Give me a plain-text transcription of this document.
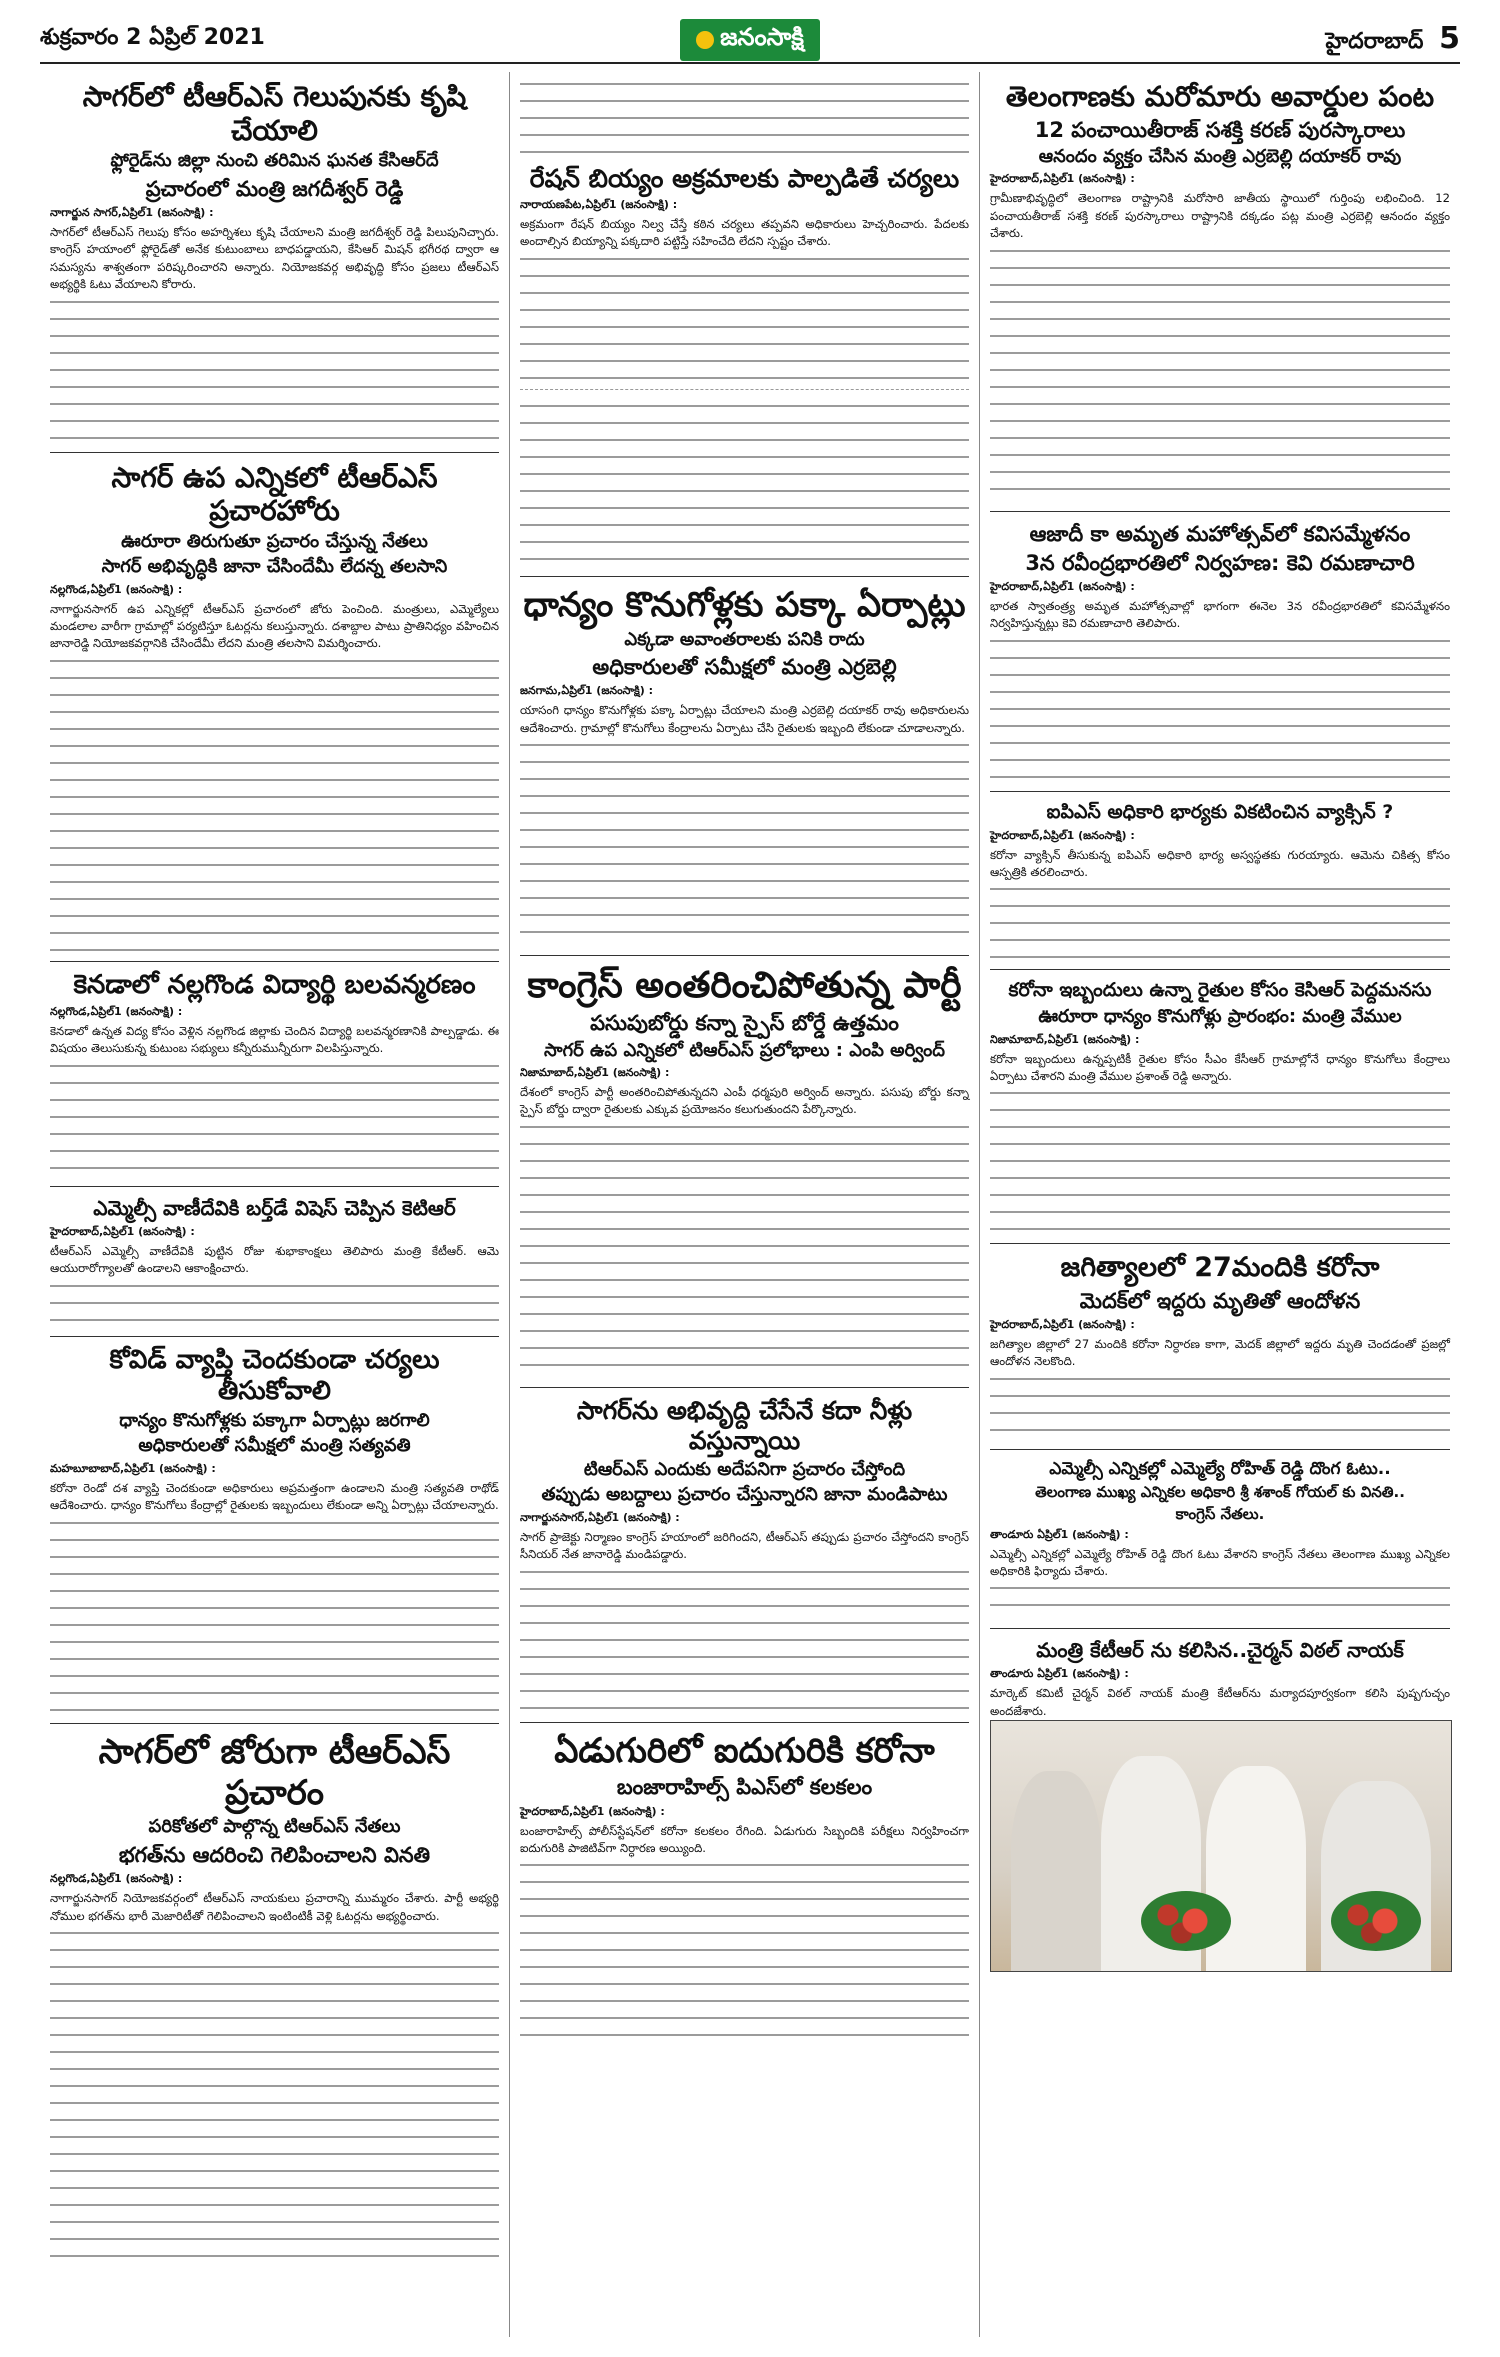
శుక్రవారం 2 ఏప్రిల్ 2021	జనంసాక్షి	హైదరాబాద్ 5
సాగర్‌లో టీఆర్‌ఎస్‌ గెలుపునకు కృషి చేయాలి
ఫ్లోరైడ్‌ను జిల్లా నుంచి తరిమిన ఘనత కేసిఆర్‌దే
ప్రచారంలో మంత్రి జగదీశ్వర్‌ రెడ్డి
నాగార్జున సాగర్‌,ఏప్రిల్‌1 (జనంసాక్షి) :
సాగర్‌లో టీఆర్‌ఎస్‌ గెలుపు కోసం అహర్నిశలు కృషి చేయాలని మంత్రి జగదీశ్వర్‌ రెడ్డి పిలుపునిచ్చారు. కాంగ్రెస్‌ హయాంలో ఫ్లోరైడ్‌తో అనేక కుటుంబాలు బాధపడ్డాయని, కేసిఆర్‌ మిషన్‌ భగీరథ ద్వారా ఆ సమస్యను శాశ్వతంగా పరిష్కరించారని అన్నారు. నియోజకవర్గ అభివృద్ధి కోసం ప్రజలు టీఆర్‌ఎస్‌ అభ్యర్థికి ఓటు వేయాలని కోరారు.
సాగర్‌ ఉప ఎన్నికలో టీఆర్‌ఎస్‌ ప్రచారహోరు
ఊరూరా తిరుగుతూ ప్రచారం చేస్తున్న నేతలు
సాగర్‌ అభివృద్ధికి జానా చేసిందేమీ లేదన్న తలసాని
నల్లగొండ,ఏప్రిల్‌1 (జనంసాక్షి) :
నాగార్జునసాగర్‌ ఉప ఎన్నికల్లో టీఆర్‌ఎస్‌ ప్రచారంలో జోరు పెంచింది. మంత్రులు, ఎమ్మెల్యేలు మండలాల వారీగా గ్రామాల్లో పర్యటిస్తూ ఓటర్లను కలుస్తున్నారు. దశాబ్దాల పాటు ప్రాతినిధ్యం వహించిన జానారెడ్డి నియోజకవర్గానికి చేసిందేమీ లేదని మంత్రి తలసాని విమర్శించారు.
కెనడాలో నల్లగొండ విద్యార్థి బలవన్మరణం
నల్లగొండ,ఏప్రిల్‌1 (జనంసాక్షి) :
కెనడాలో ఉన్నత విద్య కోసం వెళ్లిన నల్లగొండ జిల్లాకు చెందిన విద్యార్థి బలవన్మరణానికి పాల్పడ్డాడు. ఈ విషయం తెలుసుకున్న కుటుంబ సభ్యులు కన్నీరుమున్నీరుగా విలపిస్తున్నారు.
ఎమ్మెల్సీ వాణీదేవికి బర్త్‌డే విషెస్‌ చెప్పిన కెటిఆర్‌
హైదరాబాద్‌,ఏప్రిల్‌1 (జనంసాక్షి) :
టీఆర్‌ఎస్‌ ఎమ్మెల్సీ వాణీదేవికి పుట్టిన రోజు శుభాకాంక్షలు తెలిపారు మంత్రి కేటీఆర్‌. ఆమె ఆయురారోగ్యాలతో ఉండాలని ఆకాంక్షించారు.
కోవిడ్‌ వ్యాప్తి చెందకుండా చర్యలు తీసుకోవాలి
ధాన్యం కొనుగోళ్లకు పక్కాగా ఏర్పాట్లు జరగాలి
అధికారులతో సమీక్షలో మంత్రి సత్యవతి
మహబూబాబాద్‌,ఏప్రిల్‌1 (జనంసాక్షి) :
కరోనా రెండో దశ వ్యాప్తి చెందకుండా అధికారులు అప్రమత్తంగా ఉండాలని మంత్రి సత్యవతి రాథోడ్‌ ఆదేశించారు. ధాన్యం కొనుగోలు కేంద్రాల్లో రైతులకు ఇబ్బందులు లేకుండా అన్ని ఏర్పాట్లు చేయాలన్నారు.
సాగర్‌లో జోరుగా టీఆర్‌ఎస్‌ ప్రచారం
పరికోతలో పాల్గొన్న టిఆర్‌ఎస్‌ నేతలు
భగత్‌ను ఆదరించి గెలిపించాలని వినతి
నల్లగొండ,ఏప్రిల్‌1 (జనంసాక్షి) :
నాగార్జునసాగర్‌ నియోజకవర్గంలో టీఆర్‌ఎస్‌ నాయకులు ప్రచారాన్ని ముమ్మరం చేశారు. పార్టీ అభ్యర్థి నోముల భగత్‌ను భారీ మెజారిటీతో గెలిపించాలని ఇంటింటికీ వెళ్లి ఓటర్లను అభ్యర్థించారు.
రేషన్‌ బియ్యం అక్రమాలకు పాల్పడితే చర్యలు
నారాయణపేట,ఏప్రిల్‌1 (జనంసాక్షి) :
అక్రమంగా రేషన్‌ బియ్యం నిల్వ చేస్తే కఠిన చర్యలు తప్పవని అధికారులు హెచ్చరించారు. పేదలకు అందాల్సిన బియ్యాన్ని పక్కదారి పట్టిస్తే సహించేది లేదని స్పష్టం చేశారు.
ధాన్యం కొనుగోళ్లకు పక్కా ఏర్పాట్లు
ఎక్కడా అవాంతరాలకు పనికి రాదు
అధికారులతో సమీక్షలో మంత్రి ఎర్రబెల్లి
జనగామ,ఏప్రిల్‌1 (జనంసాక్షి) :
యాసంగి ధాన్యం కొనుగోళ్లకు పక్కా ఏర్పాట్లు చేయాలని మంత్రి ఎర్రబెల్లి దయాకర్‌ రావు అధికారులను ఆదేశించారు. గ్రామాల్లో కొనుగోలు కేంద్రాలను ఏర్పాటు చేసి రైతులకు ఇబ్బంది లేకుండా చూడాలన్నారు.
కాంగ్రెస్‌ అంతరించిపోతున్న పార్టీ
పసుపుబోర్డు కన్నా స్పైస్‌ బోర్డే ఉత్తమం
సాగర్‌ ఉప ఎన్నికలో టిఆర్‌ఎస్‌ ప్రలోభాలు : ఎంపి అర్వింద్‌
నిజామాబాద్‌,ఏప్రిల్‌1 (జనంసాక్షి) :
దేశంలో కాంగ్రెస్‌ పార్టీ అంతరించిపోతున్నదని ఎంపీ ధర్మపురి అర్వింద్‌ అన్నారు. పసుపు బోర్డు కన్నా స్పైస్‌ బోర్డు ద్వారా రైతులకు ఎక్కువ ప్రయోజనం కలుగుతుందని పేర్కొన్నారు.
సాగర్‌ను అభివృద్ది చేసేనే కదా నీళ్లు వస్తున్నాయి
టిఆర్‌ఎస్‌ ఎందుకు అదేపనిగా ప్రచారం చేస్తోంది
తప్పుడు అబద్దాలు ప్రచారం చేస్తున్నారని జానా మండిపాటు
నాగార్జునసాగర్‌,ఏప్రిల్‌1 (జనంసాక్షి) :
సాగర్‌ ప్రాజెక్టు నిర్మాణం కాంగ్రెస్‌ హయాంలో జరిగిందని, టీఆర్‌ఎస్‌ తప్పుడు ప్రచారం చేస్తోందని కాంగ్రెస్‌ సీనియర్‌ నేత జానారెడ్డి మండిపడ్డారు.
ఏడుగురిలో ఐదుగురికి కరోనా
బంజారాహిల్స్‌ పిఎస్‌లో కలకలం
హైదరాబాద్‌,ఏప్రిల్‌1 (జనంసాక్షి) :
బంజారాహిల్స్‌ పోలీస్‌స్టేషన్‌లో కరోనా కలకలం రేగింది. ఏడుగురు సిబ్బందికి పరీక్షలు నిర్వహించగా ఐదుగురికి పాజిటివ్‌గా నిర్ధారణ అయ్యింది.
తెలంగాణకు మరోమారు అవార్డుల పంట
12 పంచాయితీరాజ్‌ సశక్తి కరణ్‌ పురస్కారాలు
ఆనందం వ్యక్తం చేసిన మంత్రి ఎర్రబెల్లి దయాకర్‌ రావు
హైదరాబాద్‌,ఏప్రిల్‌1 (జనంసాక్షి) :
గ్రామీణాభివృద్ధిలో తెలంగాణ రాష్ట్రానికి మరోసారి జాతీయ స్థాయిలో గుర్తింపు లభించింది. 12 పంచాయతీరాజ్‌ సశక్తి కరణ్‌ పురస్కారాలు రాష్ట్రానికి దక్కడం పట్ల మంత్రి ఎర్రబెల్లి ఆనందం వ్యక్తం చేశారు.
ఆజాదీ కా అమృత మహోత్సవ్‌లో కవిసమ్మేళనం
3న రవీంద్రభారతిలో నిర్వహణ: కెవి రమణాచారి
హైదరాబాద్‌,ఏప్రిల్‌1 (జనంసాక్షి) :
భారత స్వాతంత్ర్య అమృత మహోత్సవాల్లో భాగంగా ఈనెల 3న రవీంద్రభారతిలో కవిసమ్మేళనం నిర్వహిస్తున్నట్లు కెవి రమణాచారి తెలిపారు.
ఐపిఎస్‌ అధికారి భార్యకు వికటించిన వ్యాక్సిన్‌ ?
హైదరాబాద్‌,ఏప్రిల్‌1 (జనంసాక్షి) :
కరోనా వ్యాక్సిన్‌ తీసుకున్న ఐపిఎస్‌ అధికారి భార్య అస్వస్థతకు గురయ్యారు. ఆమెను చికిత్స కోసం ఆస్పత్రికి తరలించారు.
కరోనా ఇబ్బందులు ఉన్నా రైతుల కోసం కెసిఆర్‌ పెద్దమనసు
ఊరూరా ధాన్యం కొనుగోళ్లు ప్రారంభం: మంత్రి వేముల
నిజామాబాద్‌,ఏప్రిల్‌1 (జనంసాక్షి) :
కరోనా ఇబ్బందులు ఉన్నప్పటికీ రైతుల కోసం సీఎం కేసీఆర్‌ గ్రామాల్లోనే ధాన్యం కొనుగోలు కేంద్రాలు ఏర్పాటు చేశారని మంత్రి వేముల ప్రశాంత్‌ రెడ్డి అన్నారు.
జగిత్యాలలో 27మందికి కరోనా
మెదక్‌లో ఇద్దరు మృతితో ఆందోళన
హైదరాబాద్‌,ఏప్రిల్‌1 (జనంసాక్షి) :
జగిత్యాల జిల్లాలో 27 మందికి కరోనా నిర్ధారణ కాగా, మెదక్‌ జిల్లాలో ఇద్దరు మృతి చెందడంతో ప్రజల్లో ఆందోళన నెలకొంది.
ఎమ్మెల్సీ ఎన్నికల్లో ఎమ్మెల్యే రోహిత్‌ రెడ్డి దొంగ ఓటు..
తెలంగాణ ముఖ్య ఎన్నికల అధికారి శ్రీ శశాంక్‌ గోయల్‌ కు వినతి..
కాంగ్రెస్‌ నేతలు.
తాండూరు ఏప్రిల్‌1 (జనంసాక్షి) :
ఎమ్మెల్సీ ఎన్నికల్లో ఎమ్మెల్యే రోహిత్‌ రెడ్డి దొంగ ఓటు వేశారని కాంగ్రెస్‌ నేతలు తెలంగాణ ముఖ్య ఎన్నికల అధికారికి ఫిర్యాదు చేశారు.
మంత్రి కేటీఆర్‌ ను కలిసిన..చైర్మన్‌ విఠల్‌ నాయక్‌
తాండూరు ఏప్రిల్‌1 (జనంసాక్షి) :
మార్కెట్‌ కమిటీ చైర్మన్‌ విఠల్‌ నాయక్‌ మంత్రి కేటీఆర్‌ను మర్యాదపూర్వకంగా కలిసి పుష్పగుచ్ఛం అందజేశారు.
